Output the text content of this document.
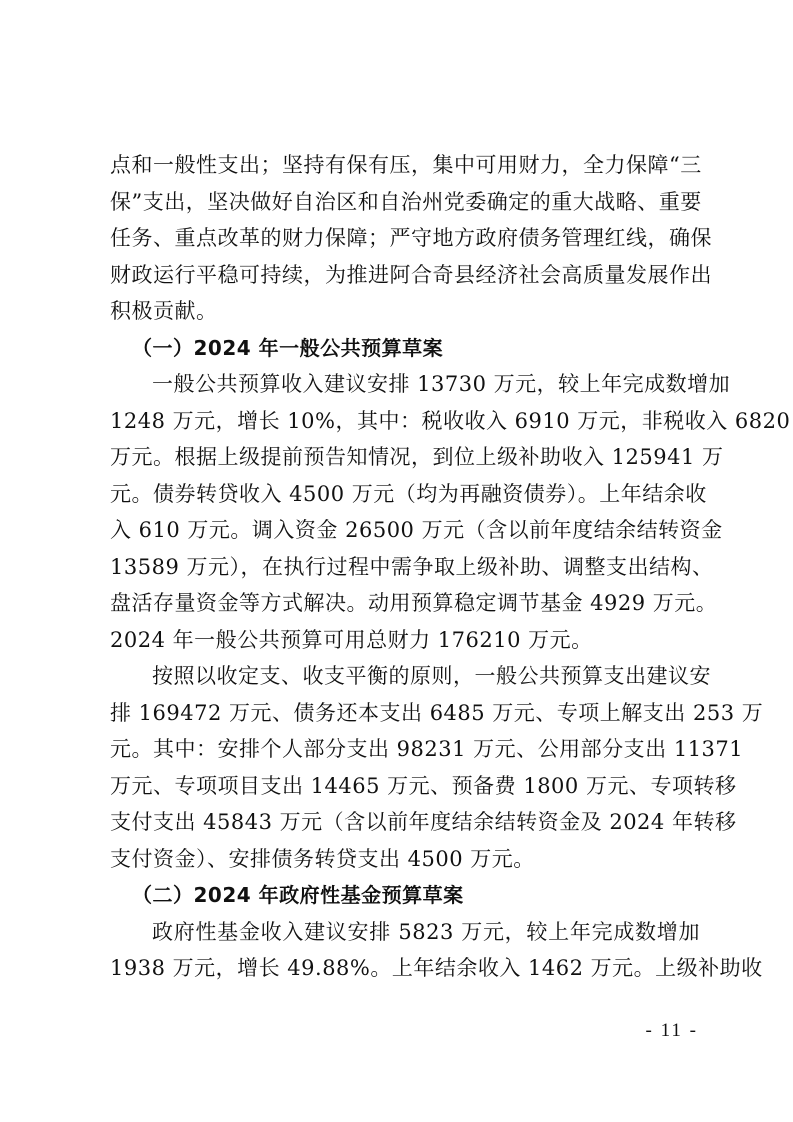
点和一般性支出；坚持有保有压，集中可用财力，全力保障“三
保”支出，坚决做好自治区和自治州党委确定的重大战略、重要
任务、重点改革的财力保障；严守地方政府债务管理红线，确保
财政运行平稳可持续，为推进阿合奇县经济社会高质量发展作出
积极贡献。
（一）2024 年一般公共预算草案
一般公共预算收入建议安排 13730 万元，较上年完成数增加
1248 万元，增长 10%，其中：税收收入 6910 万元，非税收入 6820
万元。根据上级提前预告知情况，到位上级补助收入 125941 万
元。债券转贷收入 4500 万元（均为再融资债券）。上年结余收
入 610 万元。调入资金 26500 万元（含以前年度结余结转资金
13589 万元），在执行过程中需争取上级补助、调整支出结构、
盘活存量资金等方式解决。动用预算稳定调节基金 4929 万元。
2024 年一般公共预算可用总财力 176210 万元。
按照以收定支、收支平衡的原则，一般公共预算支出建议安
排 169472 万元、债务还本支出 6485 万元、专项上解支出 253 万
元。其中：安排个人部分支出 98231 万元、公用部分支出 11371
万元、专项项目支出 14465 万元、预备费 1800 万元、专项转移
支付支出 45843 万元（含以前年度结余结转资金及 2024 年转移
支付资金）、安排债务转贷支出 4500 万元。
（二）2024 年政府性基金预算草案
政府性基金收入建议安排 5823 万元，较上年完成数增加
1938 万元，增长 49.88%。上年结余收入 1462 万元。上级补助收
- 11 -
